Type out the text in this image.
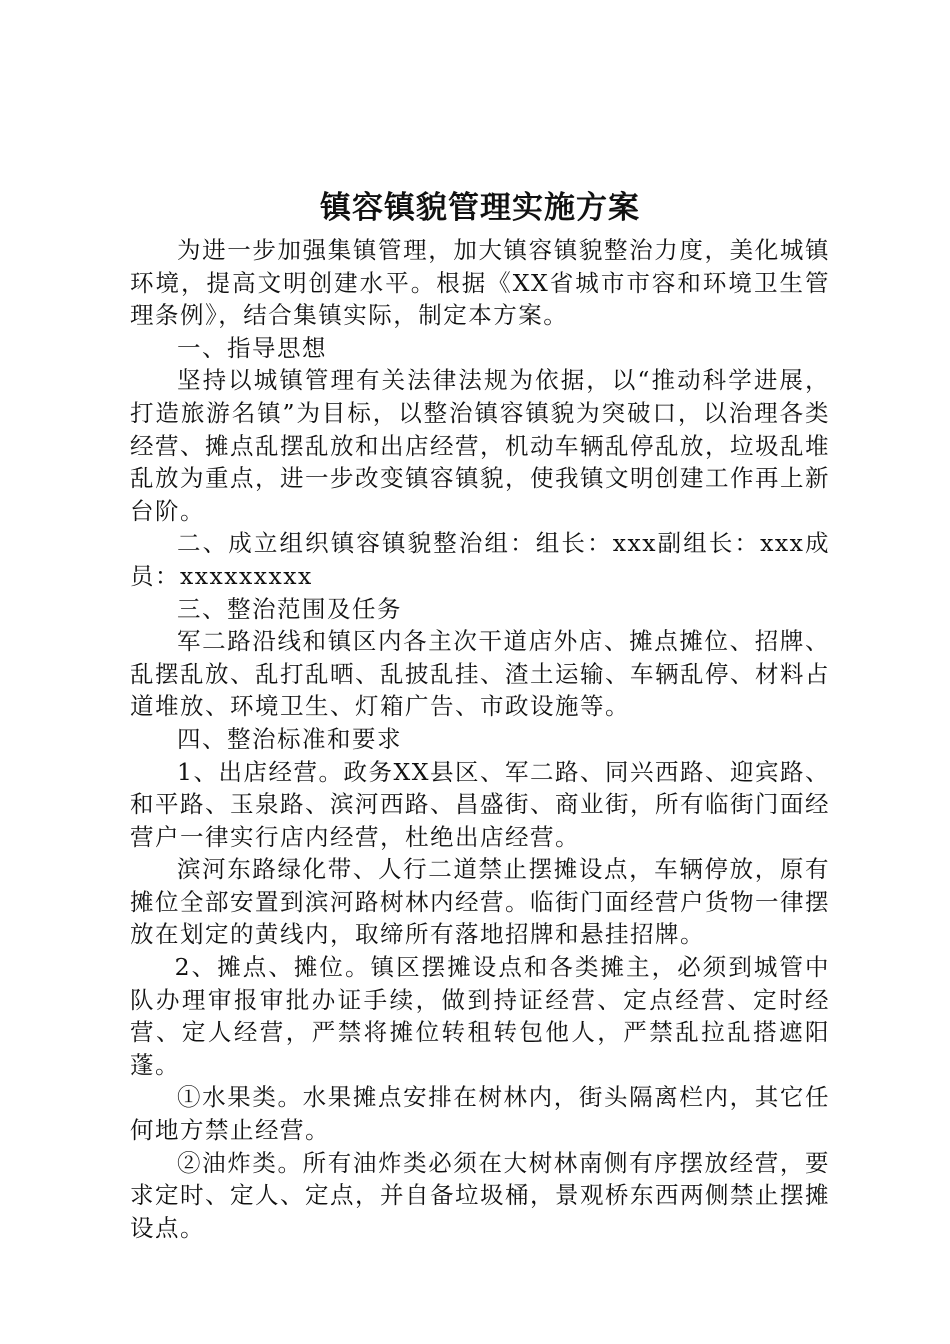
镇容镇貌管理实施方案

为进一步加强集镇管理，加大镇容镇貌整治力度，美化城镇环境，提高文明创建水平。根据《XX省城市市容和环境卫生管理条例》，结合集镇实际，制定本方案。

一、指导思想

坚持以城镇管理有关法律法规为依据，以“推动科学进展，打造旅游名镇”为目标，以整治镇容镇貌为突破口，以治理各类经营、摊点乱摆乱放和出店经营，机动车辆乱停乱放，垃圾乱堆乱放为重点，进一步改变镇容镇貌，使我镇文明创建工作再上新台阶。

二、成立组织镇容镇貌整治组：组长：xxx副组长：xxx成员：xxxxxxxxx

三、整治范围及任务

军二路沿线和镇区内各主次干道店外店、摊点摊位、招牌、乱摆乱放、乱打乱晒、乱披乱挂、渣土运输、车辆乱停、材料占道堆放、环境卫生、灯箱广告、市政设施等。

四、整治标准和要求

1、出店经营。政务XX县区、军二路、同兴西路、迎宾路、和平路、玉泉路、滨河西路、昌盛街、商业街，所有临街门面经营户一律实行店内经营，杜绝出店经营。

滨河东路绿化带、人行二道禁止摆摊设点，车辆停放，原有摊位全部安置到滨河路树林内经营。临街门面经营户货物一律摆放在划定的黄线内，取缔所有落地招牌和悬挂招牌。

2、摊点、摊位。镇区摆摊设点和各类摊主，必须到城管中队办理审报审批办证手续，做到持证经营、定点经营、定时经营、定人经营，严禁将摊位转租转包他人，严禁乱拉乱搭遮阳蓬。

①水果类。水果摊点安排在树林内，街头隔离栏内，其它任何地方禁止经营。

②油炸类。所有油炸类必须在大树林南侧有序摆放经营，要求定时、定人、定点，并自备垃圾桶，景观桥东西两侧禁止摆摊设点。
